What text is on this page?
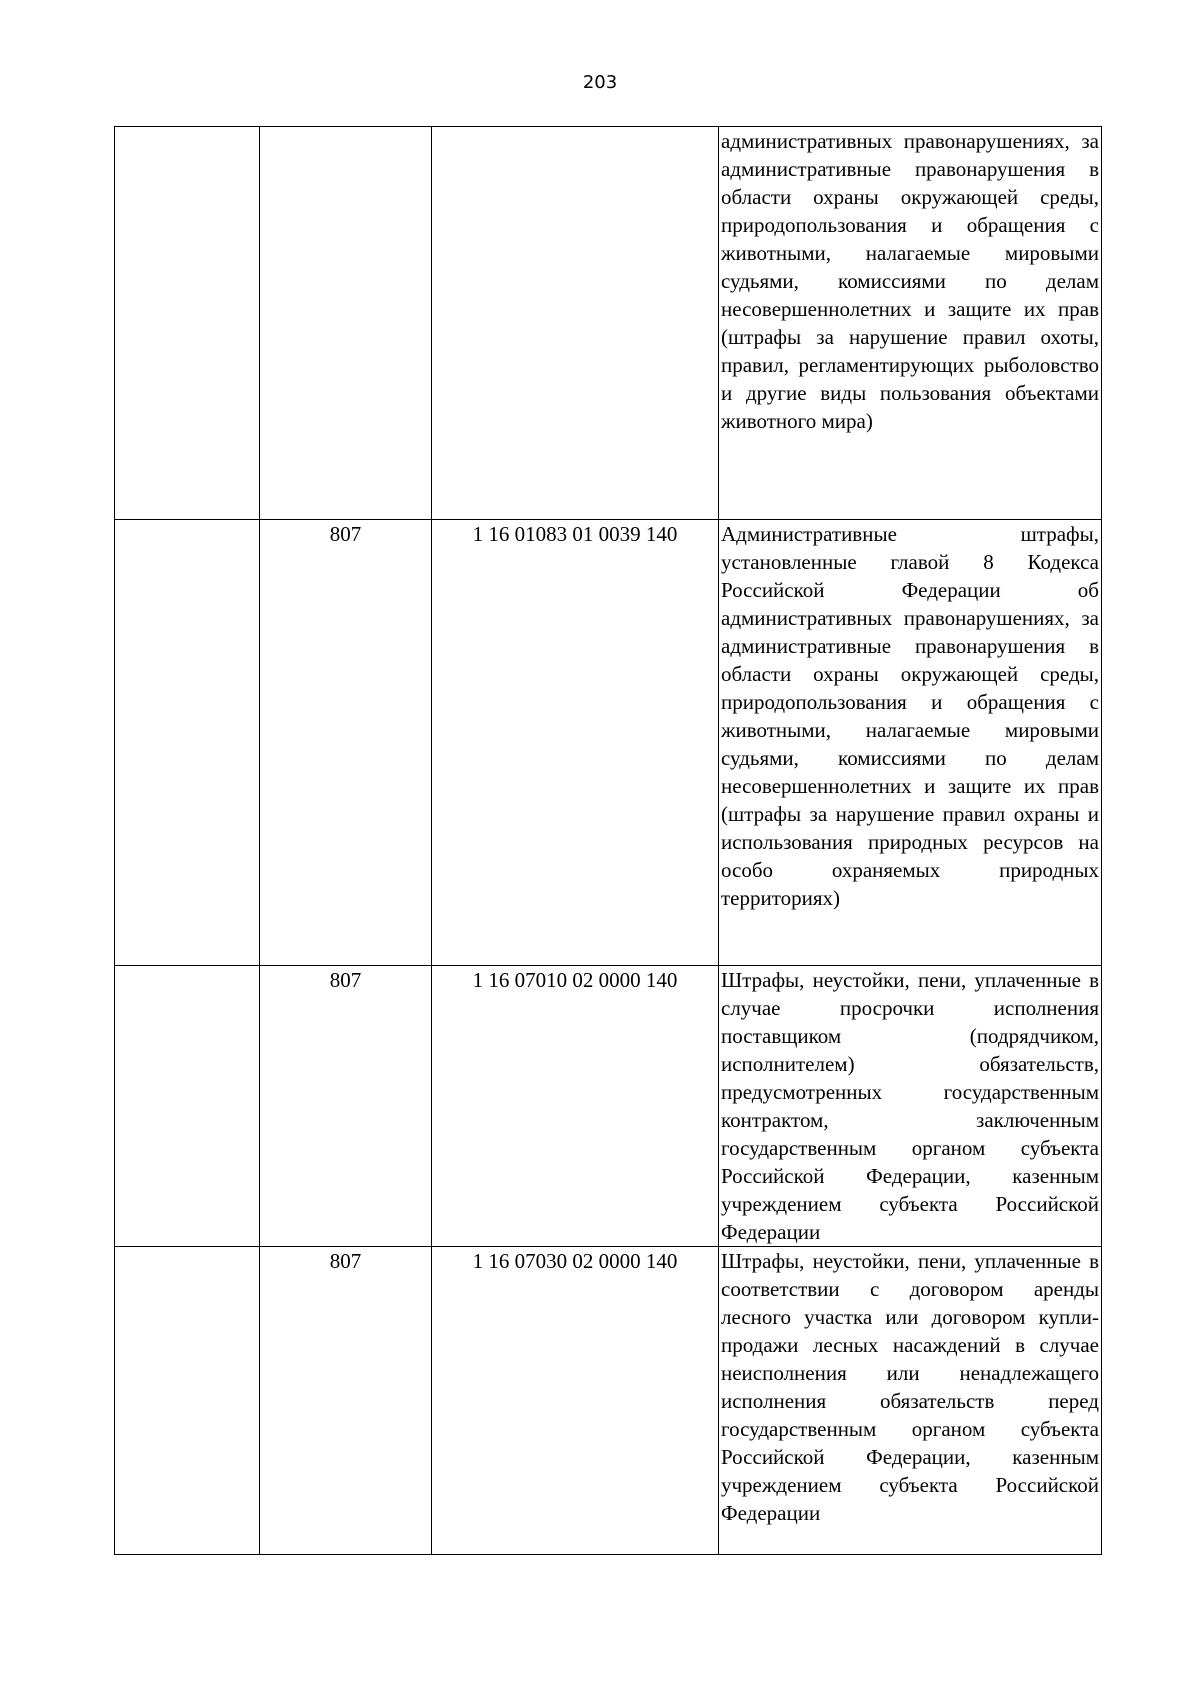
203
			административных правонарушениях, за административные правонарушения в области охраны окружающей среды, природопользования и обращения с животными, налагаемые мировыми судьями, комиссиями по делам несовершеннолетних и защите их прав (штрафы за нарушение правил охоты, правил, регламентирующих рыболовство и другие виды пользования объектами животного мира)
	807	1 16 01083 01 0039 140	Административные штрафы, установленные главой 8 Кодекса Российской Федерации об административных правонарушениях, за административные правонарушения в области охраны окружающей среды, природопользования и обращения с животными, налагаемые мировыми судьями, комиссиями по делам несовершеннолетних и защите их прав (штрафы за нарушение правил охраны и использования природных ресурсов на особо охраняемых природных территориях)
	807	1 16 07010 02 0000 140	Штрафы, неустойки, пени, уплаченные в случае просрочки исполнения поставщиком (подрядчиком, исполнителем) обязательств, предусмотренных государственным контрактом, заключенным государственным органом субъекта Российской Федерации, казенным учреждением субъекта Российской Федерации
	807	1 16 07030 02 0000 140	Штрафы, неустойки, пени, уплаченные в соответствии с договором аренды лесного участка или договором купли-продажи лесных насаждений в случае неисполнения или ненадлежащего исполнения обязательств перед государственным органом субъекта Российской Федерации, казенным учреждением субъекта Российской Федерации
